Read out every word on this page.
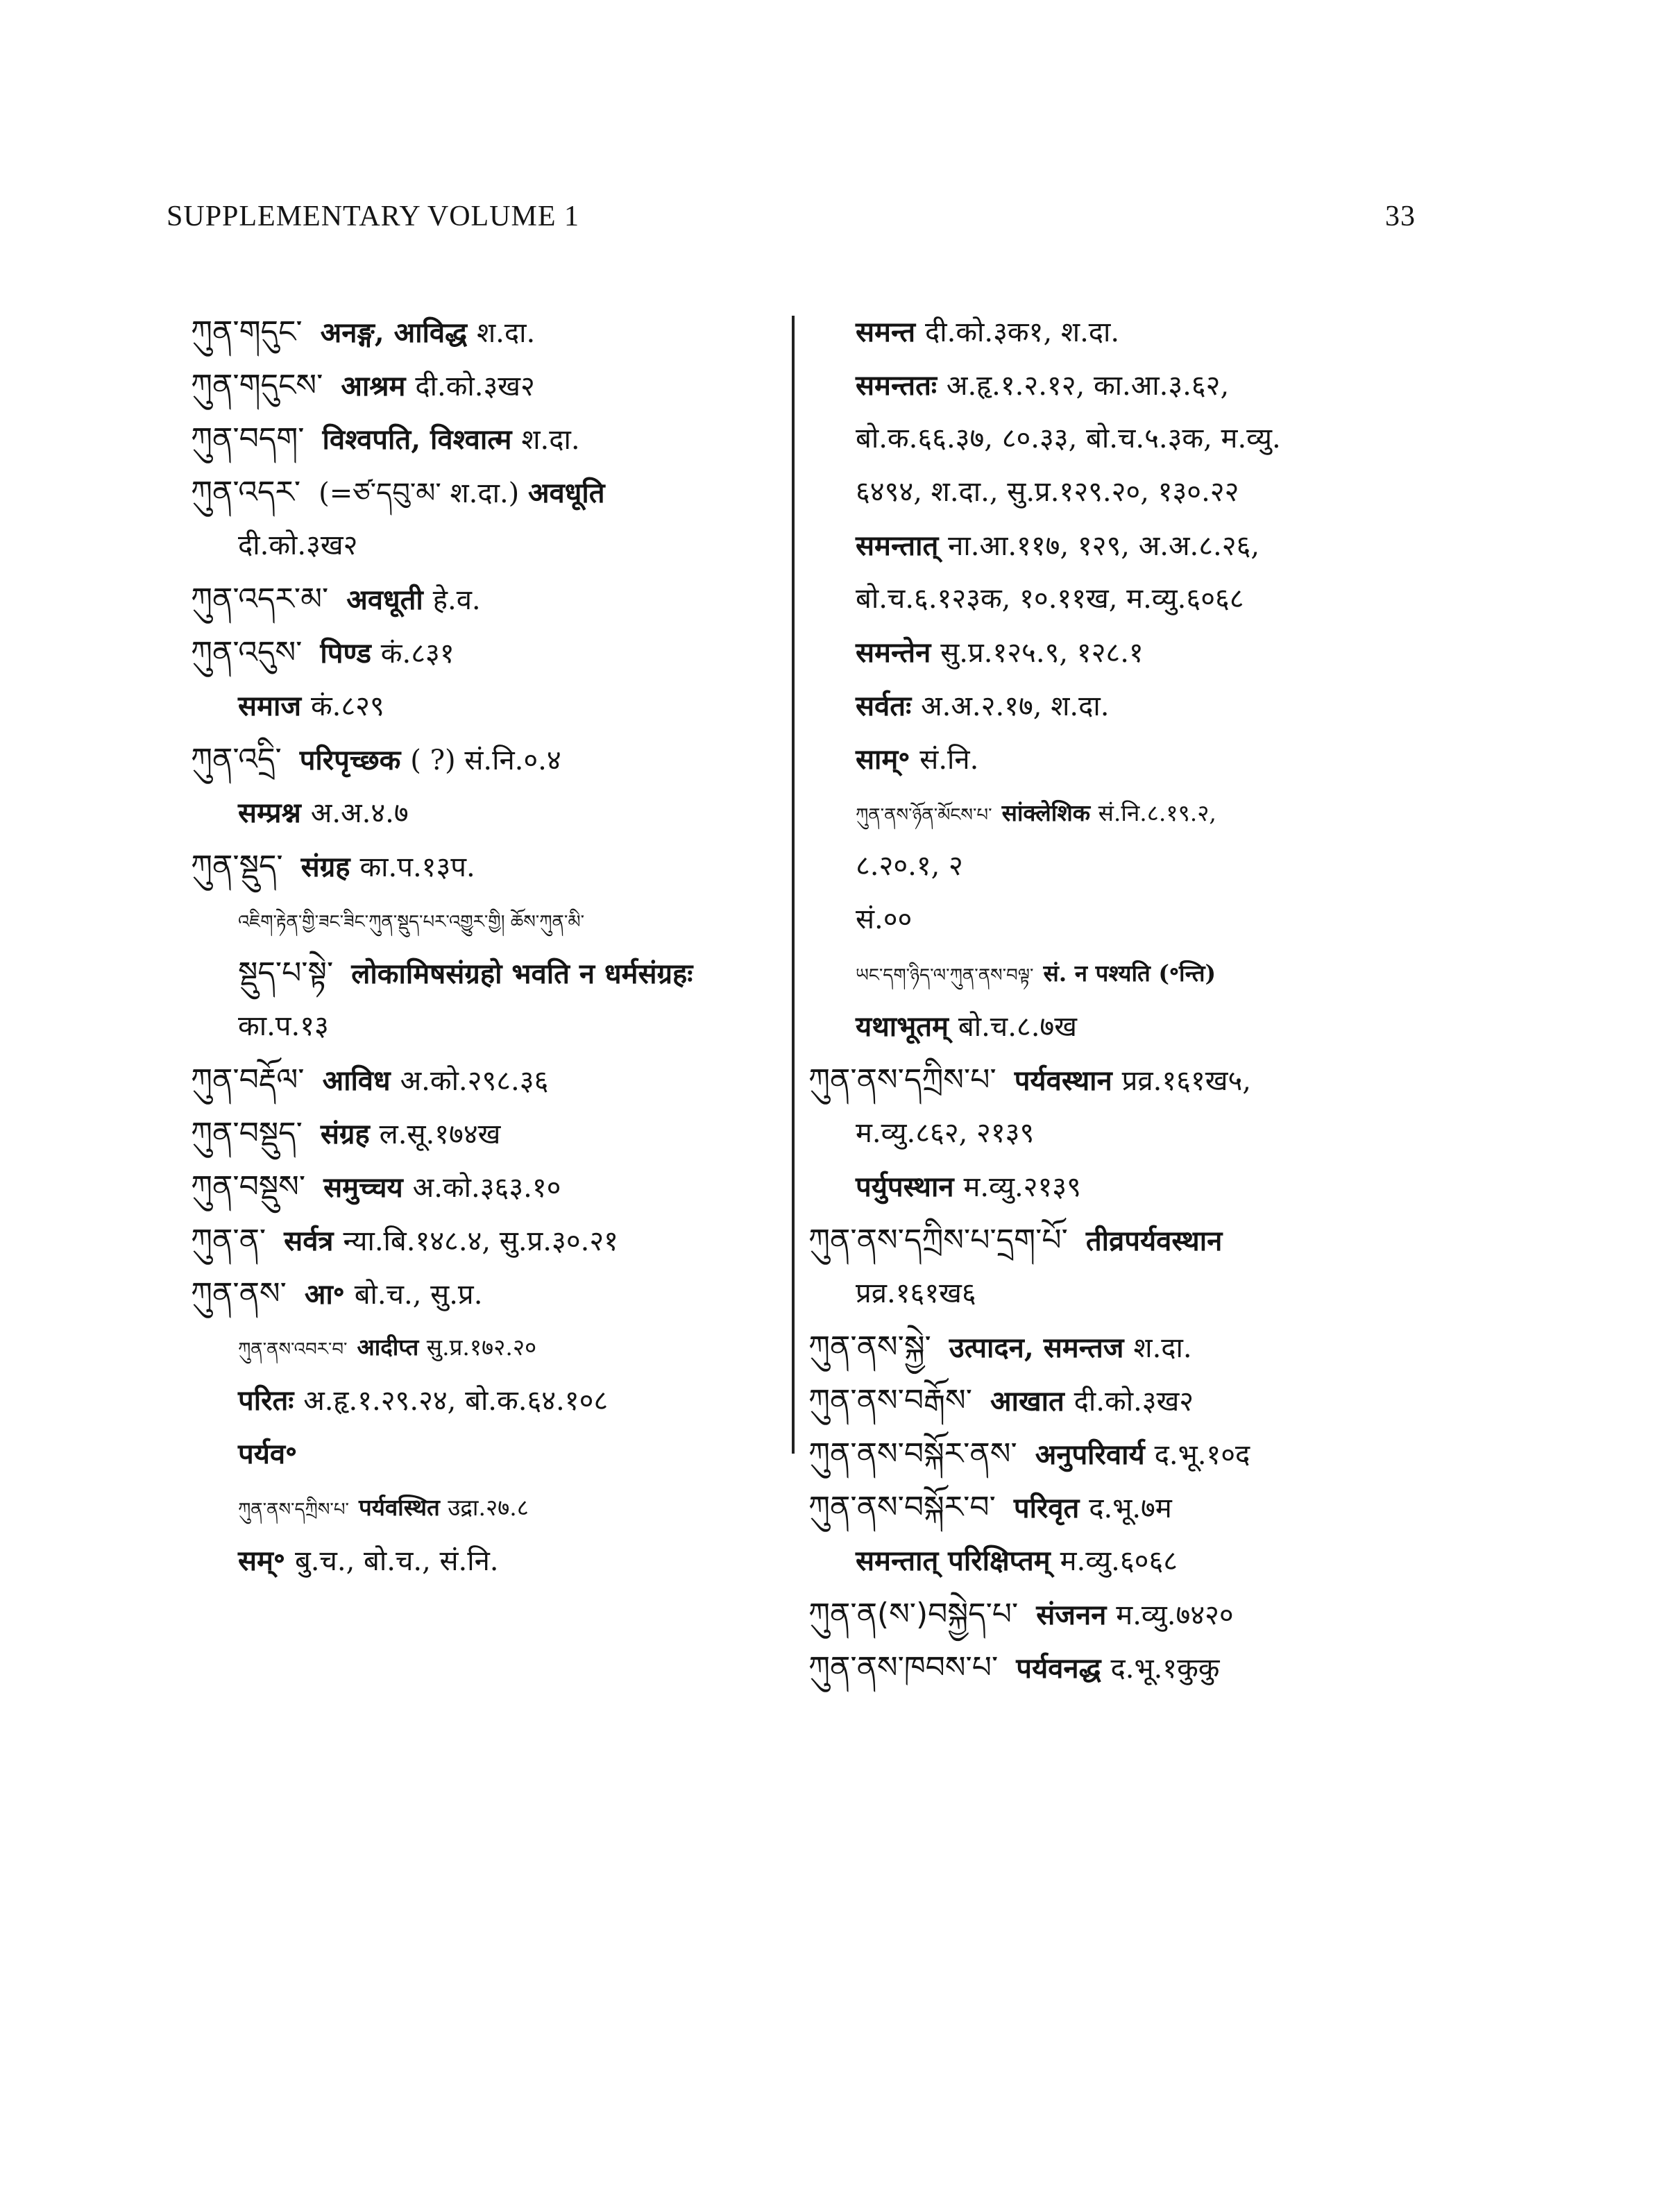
SUPPLEMENTARY VOLUME 1	33
ཀུན་གདུང་ अनङ्ग, आविद्ध श.दा.
ཀུན་གདུངས་ आश्रम दी.को.३ख२
ཀུན་བདག་ विश्वपति, विश्वात्म श.दा.
ཀུན་འདར་ (=ཙ་དབུ་མ་ श.दा.) अवधूति
दी.को.३ख२
ཀུན་འདར་མ་ अवधूती हे.व.
ཀུན་འདུས་ पिण्ड कं.८३१
समाज कं.८२९
ཀུན་འདྲི་ परिपृच्छक ( ?) सं.नि.०.४
सम्प्रश्न अ.अ.४.७
ཀུན་སྡུད་ संग्रह का.प.१३प.
འཇིག་རྟེན་གྱི་ཟང་ཟིང་ཀུན་སྡུད་པར་འགྱུར་གྱི། ཆོས་ཀུན་མི་
སྡུད་པ་སྟེ་ लोकामिषसंग्रहो भवति न धर्मसंग्रहः
का.प.१३
ཀུན་བརྡོལ་ आविध अ.को.२९८.३६
ཀུན་བསྡུད་ संग्रह ल.सू.१७४ख
ཀུན་བསྡུས་ समुच्चय अ.को.३६३.१०
ཀུན་ན་ सर्वत्र न्या.बि.१४८.४, सु.प्र.३०.२१
ཀུན་ནས་ आ॰ बो.च., सु.प्र.
ཀུན་ནས་འབར་བ་ आदीप्त सु.प्र.१७२.२०
परितः अ.हृ.१.२९.२४, बो.क.६४.१०८
पर्यव॰
ཀུན་ནས་དཀྲིས་པ་ पर्यवस्थित उद्रा.२७.८
सम्॰ बु.च., बो.च., सं.नि.
समन्त दी.को.३क१, श.दा.
समन्ततः अ.हृ.१.२.१२, का.आ.३.६२,
बो.क.६६.३७, ८०.३३, बो.च.५.३क, म.व्यु.
६४९४, श.दा., सु.प्र.१२९.२०, १३०.२२
समन्तात् ना.आ.११७, १२९, अ.अ.८.२६,
बो.च.६.१२३क, १०.११ख, म.व्यु.६०६८
समन्तेन सु.प्र.१२५.९, १२८.१
सर्वतः अ.अ.२.१७, श.दा.
साम्॰ सं.नि.
ཀུན་ནས་ཉོན་མོངས་པ་ सांक्लेशिक सं.नि.८.१९.२,
८.२०.१, २
सं.००
ཡང་དག་ཉིད་ལ་ཀུན་ནས་བལྟ་ सं. न पश्यति (॰न्ति)
यथाभूतम् बो.च.८.७ख
ཀུན་ནས་དཀྲིས་པ་ पर्यवस्थान प्रव्र.१६१ख५,
म.व्यु.८६२, २१३९
पर्युपस्थान म.व्यु.२१३९
ཀུན་ནས་དཀྲིས་པ་དྲག་པོ་ तीव्रपर्यवस्थान
प्रव्र.१६१ख६
ཀུན་ནས་སྐྱེ་ उत्पादन, समन्तज श.दा.
ཀུན་ནས་བརྒོས་ आखात दी.को.३ख२
ཀུན་ནས་བསྐོར་ནས་ अनुपरिवार्य द.भू.१०द
ཀུན་ནས་བསྐོར་བ་ परिवृत द.भू.७म
समन्तात् परिक्षिप्तम् म.व्यु.६०६८
ཀུན་ན(ས་)བསྐྱེད་པ་ संजनन म.व्यु.७४२०
ཀུན་ནས་ཁབས་པ་ पर्यवनद्ध द.भू.१कुकु
